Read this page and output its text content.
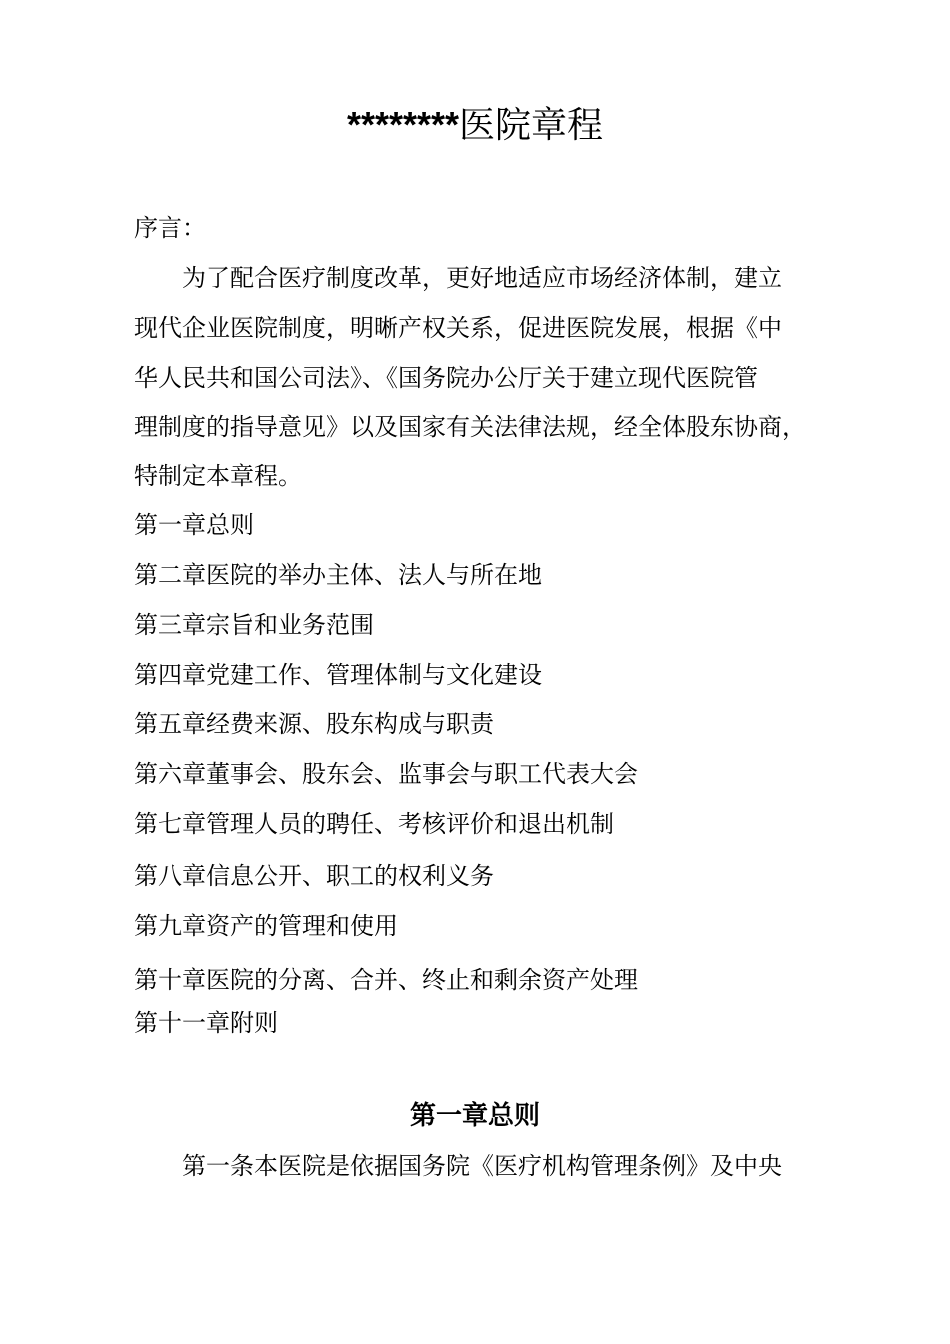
********医院章程
序言：
为了配合医疗制度改革，更好地适应市场经济体制，建立
现代企业医院制度，明晰产权关系，促进医院发展，根据《中
华人民共和国公司法》、《国务院办公厅关于建立现代医院管
理制度的指导意见》以及国家有关法律法规，经全体股东协商，
特制定本章程。
第一章总则
第二章医院的举办主体、法人与所在地
第三章宗旨和业务范围
第四章党建工作、管理体制与文化建设
第五章经费来源、股东构成与职责
第六章董事会、股东会、监事会与职工代表大会
第七章管理人员的聘任、考核评价和退出机制
第八章信息公开、职工的权利义务
第九章资产的管理和使用
第十章医院的分离、合并、终止和剩余资产处理
第十一章附则
第一章总则
第一条本医院是依据国务院《医疗机构管理条例》及中央
